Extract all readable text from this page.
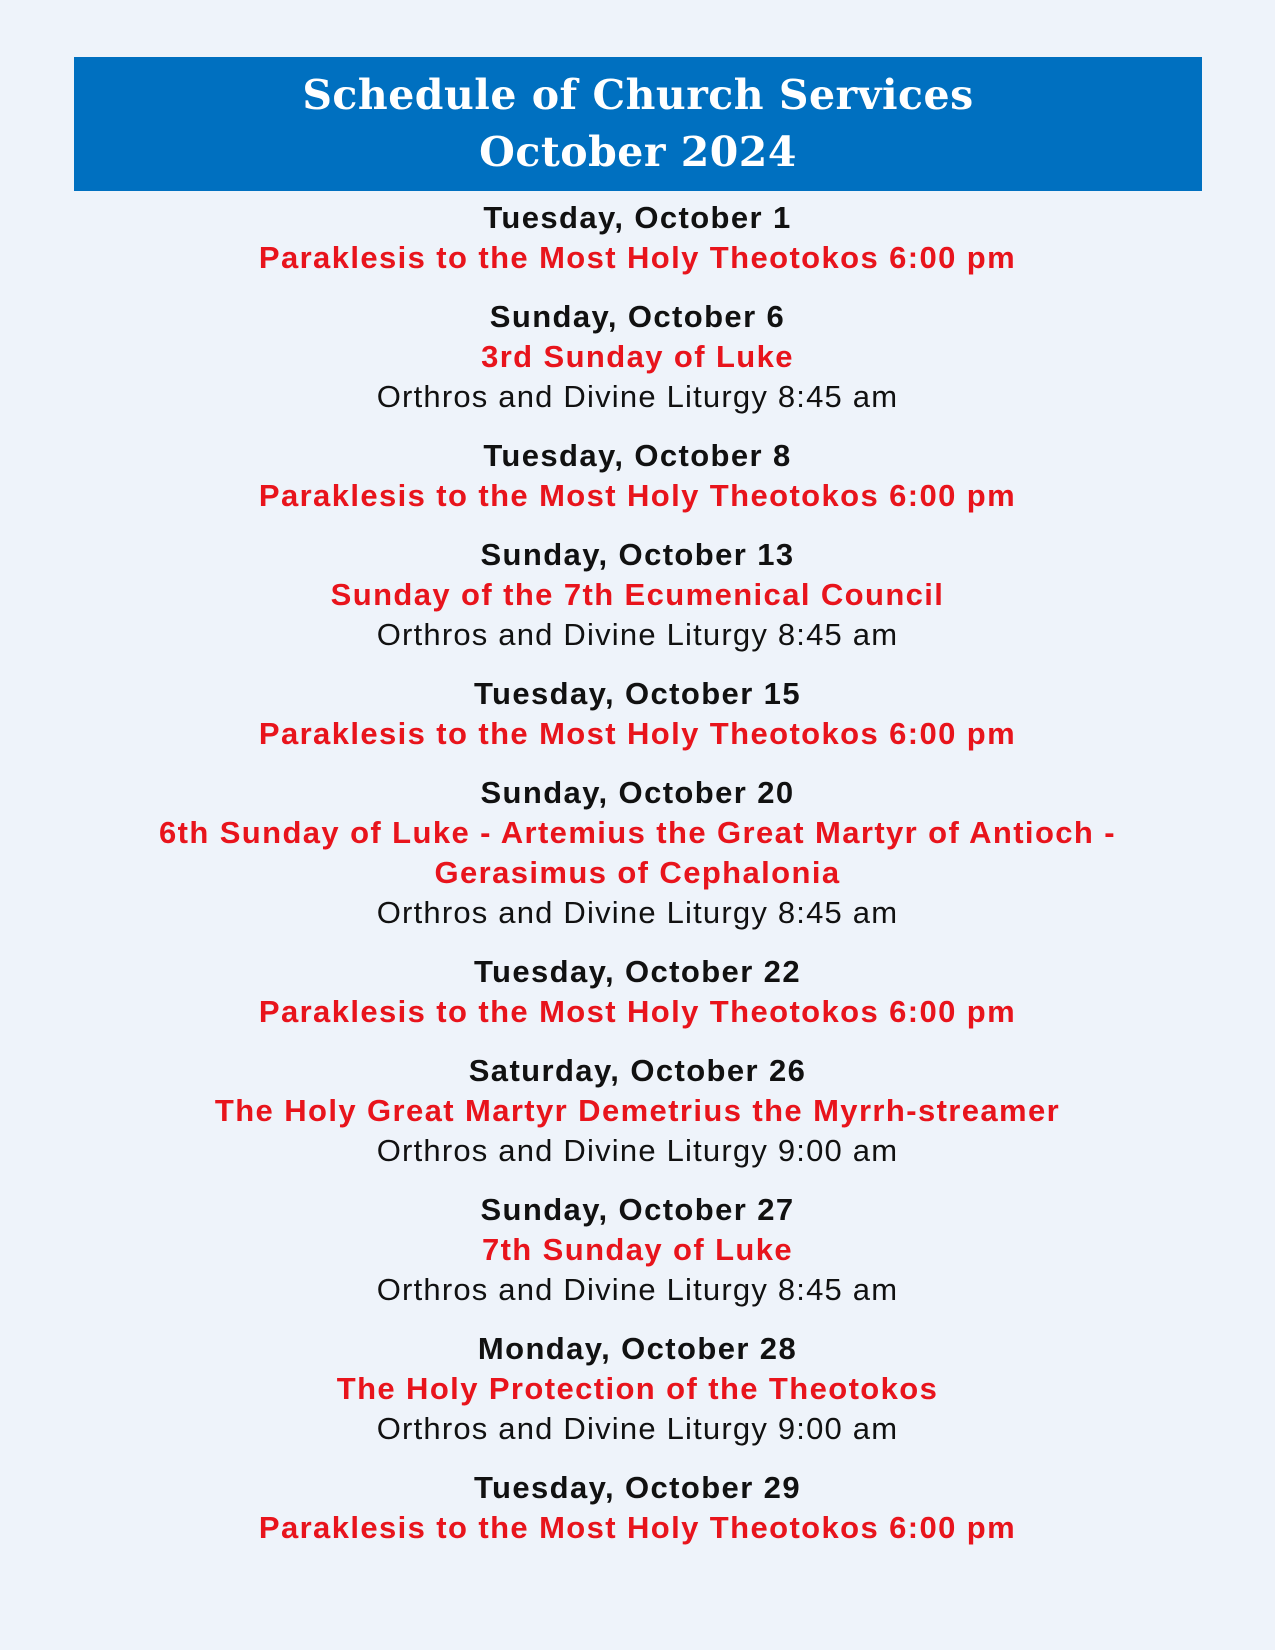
Schedule of Church Services
October 2024
Tuesday, October 1
Paraklesis to the Most Holy Theotokos 6:00 pm
Sunday, October 6
3rd Sunday of Luke
Orthros and Divine Liturgy 8:45 am
Tuesday, October 8
Paraklesis to the Most Holy Theotokos 6:00 pm
Sunday, October 13
Sunday of the 7th Ecumenical Council
Orthros and Divine Liturgy 8:45 am
Tuesday, October 15
Paraklesis to the Most Holy Theotokos 6:00 pm
Sunday, October 20
6th Sunday of Luke - Artemius the Great Martyr of Antioch -
Gerasimus of Cephalonia
Orthros and Divine Liturgy 8:45 am
Tuesday, October 22
Paraklesis to the Most Holy Theotokos 6:00 pm
Saturday, October 26
The Holy Great Martyr Demetrius the Myrrh-streamer
Orthros and Divine Liturgy 9:00 am
Sunday, October 27
7th Sunday of Luke
Orthros and Divine Liturgy 8:45 am
Monday, October 28
The Holy Protection of the Theotokos
Orthros and Divine Liturgy 9:00 am
Tuesday, October 29
Paraklesis to the Most Holy Theotokos 6:00 pm
